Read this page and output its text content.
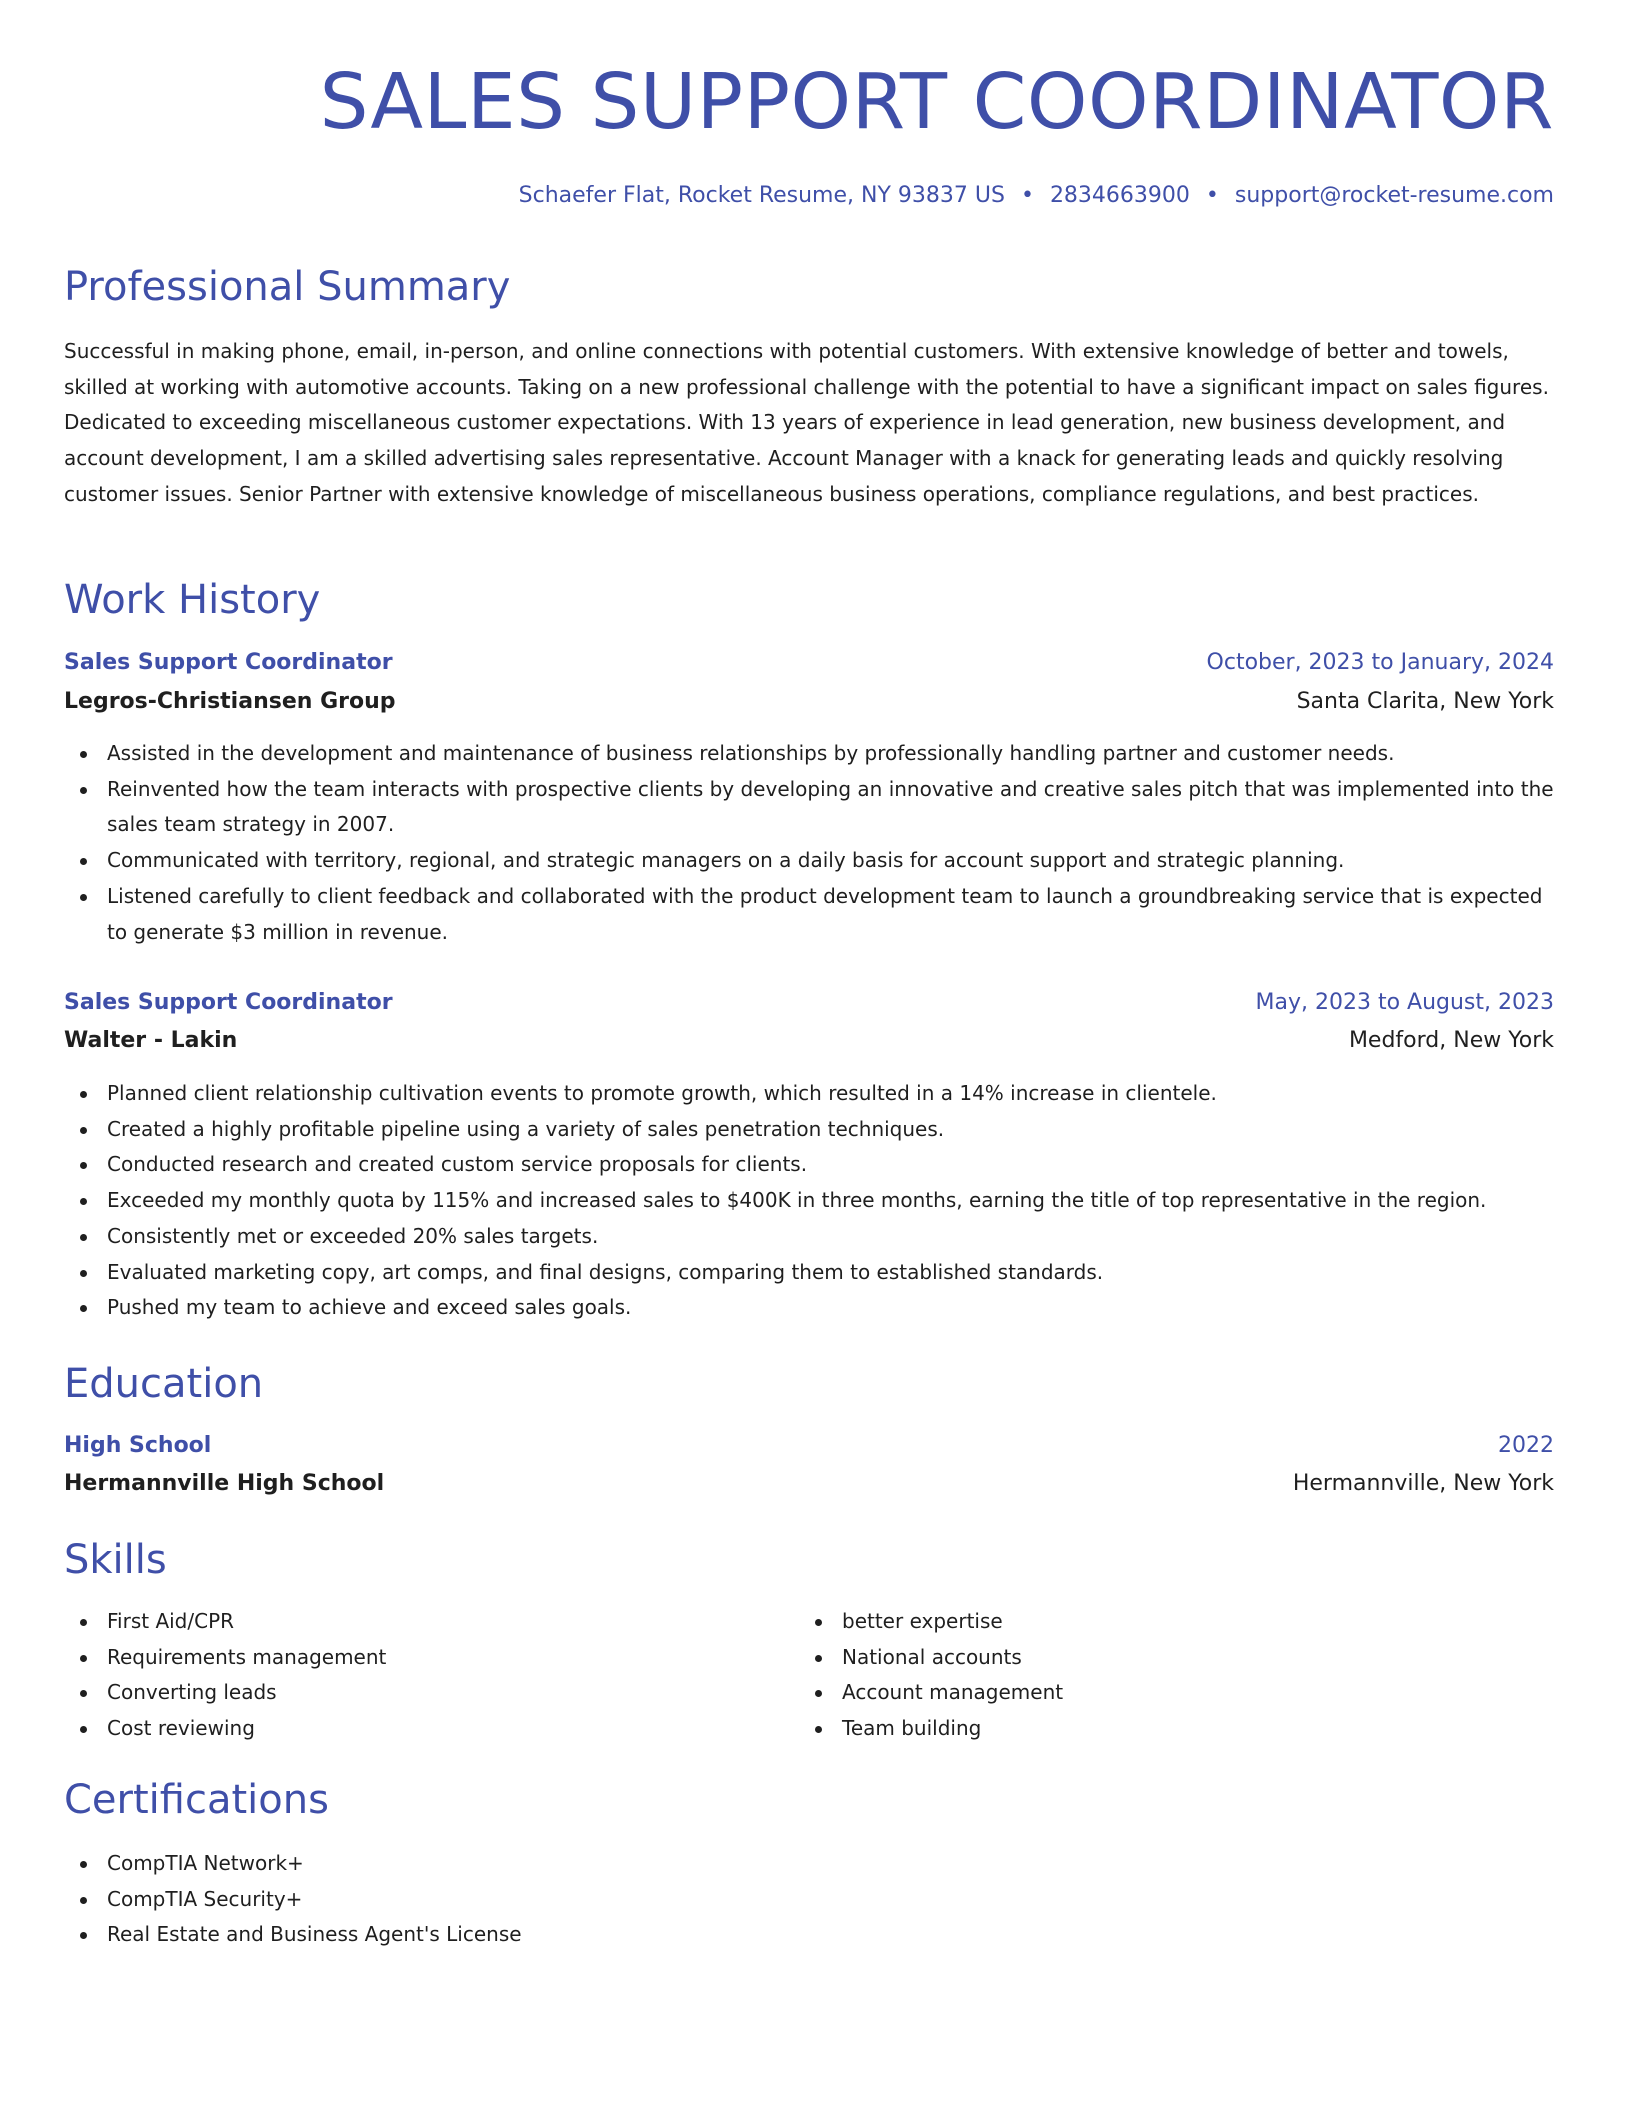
SALES SUPPORT COORDINATOR
Schaefer Flat, Rocket Resume, NY 93837 US • 2834663900 • support@rocket-resume.com
Professional Summary

Successful in making phone, email, in-person, and online connections with potential customers. With extensive knowledge of better and towels, skilled at working with automotive accounts. Taking on a new professional challenge with the potential to have a significant impact on sales figures. Dedicated to exceeding miscellaneous customer expectations. With 13 years of experience in lead generation, new business development, and account development, I am a skilled advertising sales representative. Account Manager with a knack for generating leads and quickly resolving customer issues. Senior Partner with extensive knowledge of miscellaneous business operations, compliance regulations, and best practices.

Work History
Sales Support Coordinator	October, 2023 to January, 2024
Legros-Christiansen Group	Santa Clarita, New York
Assisted in the development and maintenance of business relationships by professionally handling partner and customer needs.
Reinvented how the team interacts with prospective clients by developing an innovative and creative sales pitch that was implemented into the sales team strategy in 2007.
Communicated with territory, regional, and strategic managers on a daily basis for account support and strategic planning.
Listened carefully to client feedback and collaborated with the product development team to launch a groundbreaking service that is expected to generate $3 million in revenue.
Sales Support Coordinator	May, 2023 to August, 2023
Walter - Lakin	Medford, New York
Planned client relationship cultivation events to promote growth, which resulted in a 14% increase in clientele.
Created a highly profitable pipeline using a variety of sales penetration techniques.
Conducted research and created custom service proposals for clients.
Exceeded my monthly quota by 115% and increased sales to $400K in three months, earning the title of top representative in the region.
Consistently met or exceeded 20% sales targets.
Evaluated marketing copy, art comps, and final designs, comparing them to established standards.
Pushed my team to achieve and exceed sales goals.
Education
High School	2022
Hermannville High School	Hermannville, New York
Skills
First Aid/CPR
Requirements management
Converting leads
Cost reviewing
better expertise
National accounts
Account management
Team building
Certifications
CompTIA Network+
CompTIA Security+
Real Estate and Business Agent's License
